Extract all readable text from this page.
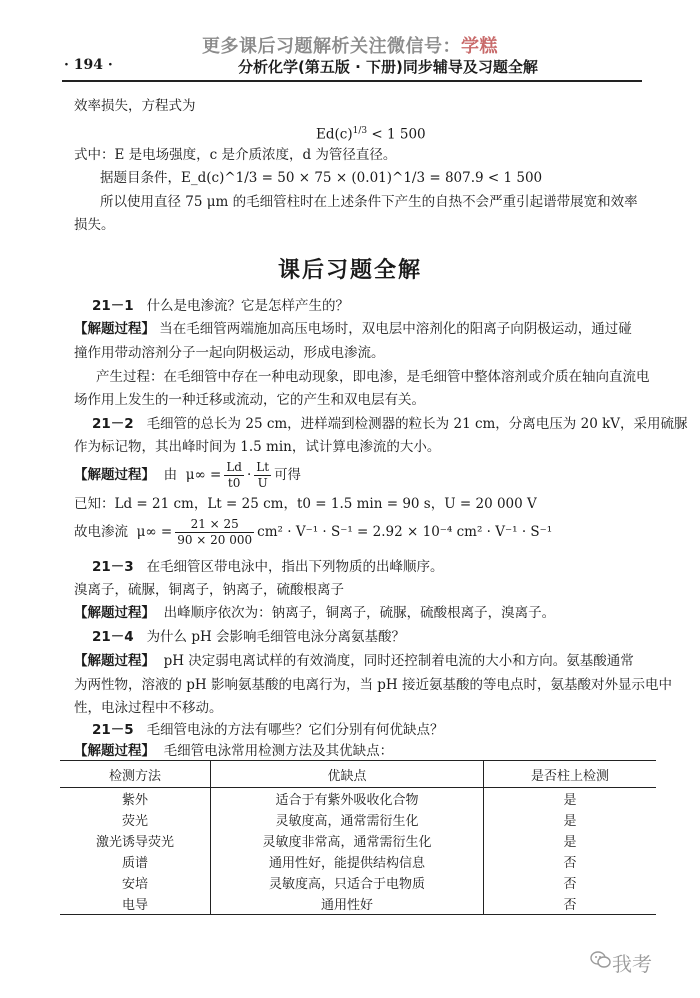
更多课后习题解析关注微信号：学糕
· 194 ·	分析化学(第五版 · 下册)同步辅导及习题全解
效率损失，方程式为
$Ed(c)^{1/3} < 1$ 500
式中：E 是电场强度，c 是介质浓度，d 为管径直径。
据题目条件，E_d(c)^1/3 = 50 × 75 × (0.01)^1/3 = 807.9 < 1 500
所以使用直径 75 μm 的毛细管柱时在上述条件下产生的自热不会严重引起谱带展宽和效率
损失。
课后习题全解
21－1 什么是电渗流？它是怎样产生的？
【解题过程】 当在毛细管两端施加高压电场时，双电层中溶剂化的阳离子向阴极运动，通过碰
撞作用带动溶剂分子一起向阴极运动，形成电渗流。
产生过程：在毛细管中存在一种电动现象，即电渗，是毛细管中整体溶剂或介质在轴向直流电
场作用上发生的一种迁移或流动，它的产生和双电层有关。
21－2 毛细管的总长为 25 cm，进样端到检测器的粒长为 21 cm，分离电压为 20 kV，采用硫脲
作为标记物，其出峰时间为 1.5 min，试计算电渗流的大小。
【解题过程】 由 $\mu\infty = \frac{Ld}{t0} \cdot \frac{Lt}{U}$ 可得
已知：Ld = 21 cm，Lt = 25 cm，t0 = 1.5 min = 90 s，U = 20 000 V
故电渗流 $\mu\infty = \frac{21 \times 25}{90 \times 20 000} cm^2 \cdot V^{-1} \cdot S^{-1} = 2.92 \times 10^{-4}$ cm² · V⁻¹ · S⁻¹
21－3 在毛细管区带电泳中，指出下列物质的出峰顺序。
溴离子，硫脲，铜离子，钠离子，硫酸根离子
【解题过程】 出峰顺序依次为：钠离子，铜离子，硫脲，硫酸根离子，溴离子。
21－4 为什么 pH 会影响毛细管电泳分离氨基酸？
【解题过程】 pH 决定弱电离试样的有效淌度，同时还控制着电流的大小和方向。氨基酸通常
为两性物，溶液的 pH 影响氨基酸的电离行为，当 pH 接近氨基酸的等电点时，氨基酸对外显示电中
性，电泳过程中不移动。
21－5 毛细管电泳的方法有哪些？它们分别有何优缺点？
【解题过程】 毛细管电泳常用检测方法及其优缺点：
检测方法	优缺点	是否柱上检测
紫外	适合于有紫外吸收化合物	是
荧光	灵敏度高，通常需衍生化	是
激光诱导荧光	灵敏度非常高，通常需衍生化	是
质谱	通用性好，能提供结构信息	否
安培	灵敏度高，只适合于电物质	否
电导	通用性好	否
我考
